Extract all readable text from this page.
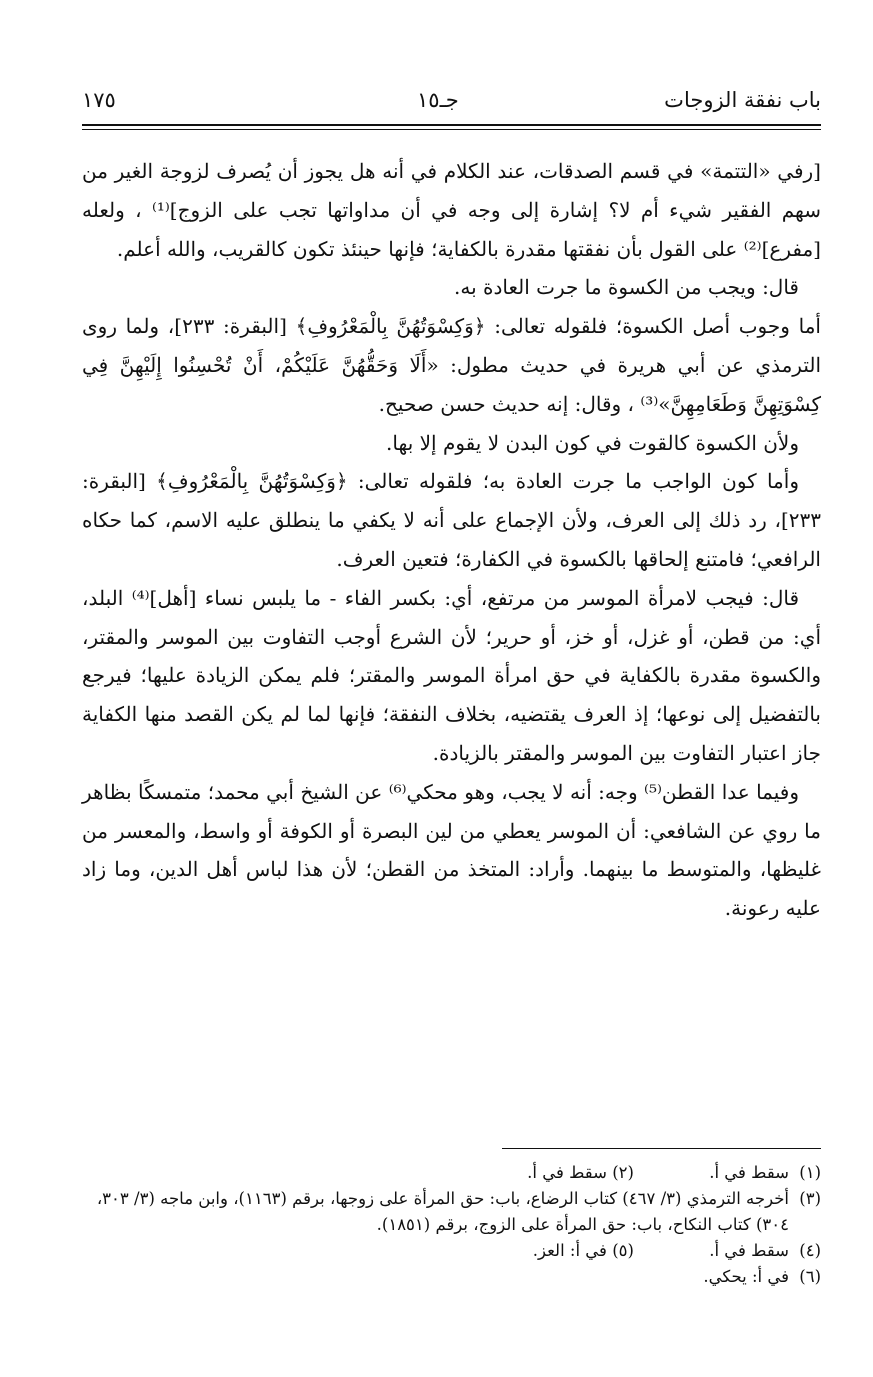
باب نفقة الزوجات
جـ١٥
١٧٥

[رفي «التتمة» في قسم الصدقات، عند الكلام في أنه هل يجوز أن يُصرف لزوجة الغير من سهم الفقير شيء أم لا؟ إشارة إلى وجه في أن مداواتها تجب على الزوج]⁽¹⁾ ، ولعله [مفرع]⁽²⁾ على القول بأن نفقتها مقدرة بالكفاية؛ فإنها حينئذ تكون كالقريب، والله أعلم.

قال: ويجب من الكسوة ما جرت العادة به.

أما وجوب أصل الكسوة؛ فلقوله تعالى: ﴿وَكِسْوَتُهُنَّ بِالْمَعْرُوفِ﴾ [البقرة: ٢٣٣]، ولما روى الترمذي عن أبي هريرة في حديث مطول: «أَلَا وَحَقُّهُنَّ عَلَيْكُمْ، أَنْ تُحْسِنُوا إِلَيْهِنَّ فِي كِسْوَتِهِنَّ وَطَعَامِهِنَّ»⁽³⁾ ، وقال: إنه حديث حسن صحيح.

ولأن الكسوة كالقوت في كون البدن لا يقوم إلا بها.

وأما كون الواجب ما جرت العادة به؛ فلقوله تعالى: ﴿وَكِسْوَتُهُنَّ بِالْمَعْرُوفِ﴾ [البقرة: ٢٣٣]، رد ذلك إلى العرف، ولأن الإجماع على أنه لا يكفي ما ينطلق عليه الاسم، كما حكاه الرافعي؛ فامتنع إلحاقها بالكسوة في الكفارة؛ فتعين العرف.

قال: فيجب لامرأة الموسر من مرتفع، أي: بكسر الفاء - ما يلبس نساء [أهل]⁽⁴⁾ البلد، أي: من قطن، أو غزل، أو خز، أو حرير؛ لأن الشرع أوجب التفاوت بين الموسر والمقتر، والكسوة مقدرة بالكفاية في حق امرأة الموسر والمقتر؛ فلم يمكن الزيادة عليها؛ فيرجع بالتفضيل إلى نوعها؛ إذ العرف يقتضيه، بخلاف النفقة؛ فإنها لما لم يكن القصد منها الكفاية جاز اعتبار التفاوت بين الموسر والمقتر بالزيادة.

وفيما عدا القطن⁽⁵⁾ وجه: أنه لا يجب، وهو محكي⁽⁶⁾ عن الشيخ أبي محمد؛ متمسكًا بظاهر ما روي عن الشافعي: أن الموسر يعطي من لين البصرة أو الكوفة أو واسط، والمعسر من غليظها، والمتوسط ما بينهما. وأراد: المتخذ من القطن؛ لأن هذا لباس أهل الدين، وما زاد عليه رعونة.

(١)
سقط في أ. (٢) سقط في أ.

(٣)
أخرجه الترمذي (٣/ ٤٦٧) كتاب الرضاع، باب: حق المرأة على زوجها، برقم (١١٦٣)، وابن ماجه (٣/ ٣٠٣، ٣٠٤) كتاب النكاح، باب: حق المرأة على الزوج، برقم (١٨٥١).

(٤)
سقط في أ. (٥) في أ: العز.

(٦)
في أ: يحكي.
